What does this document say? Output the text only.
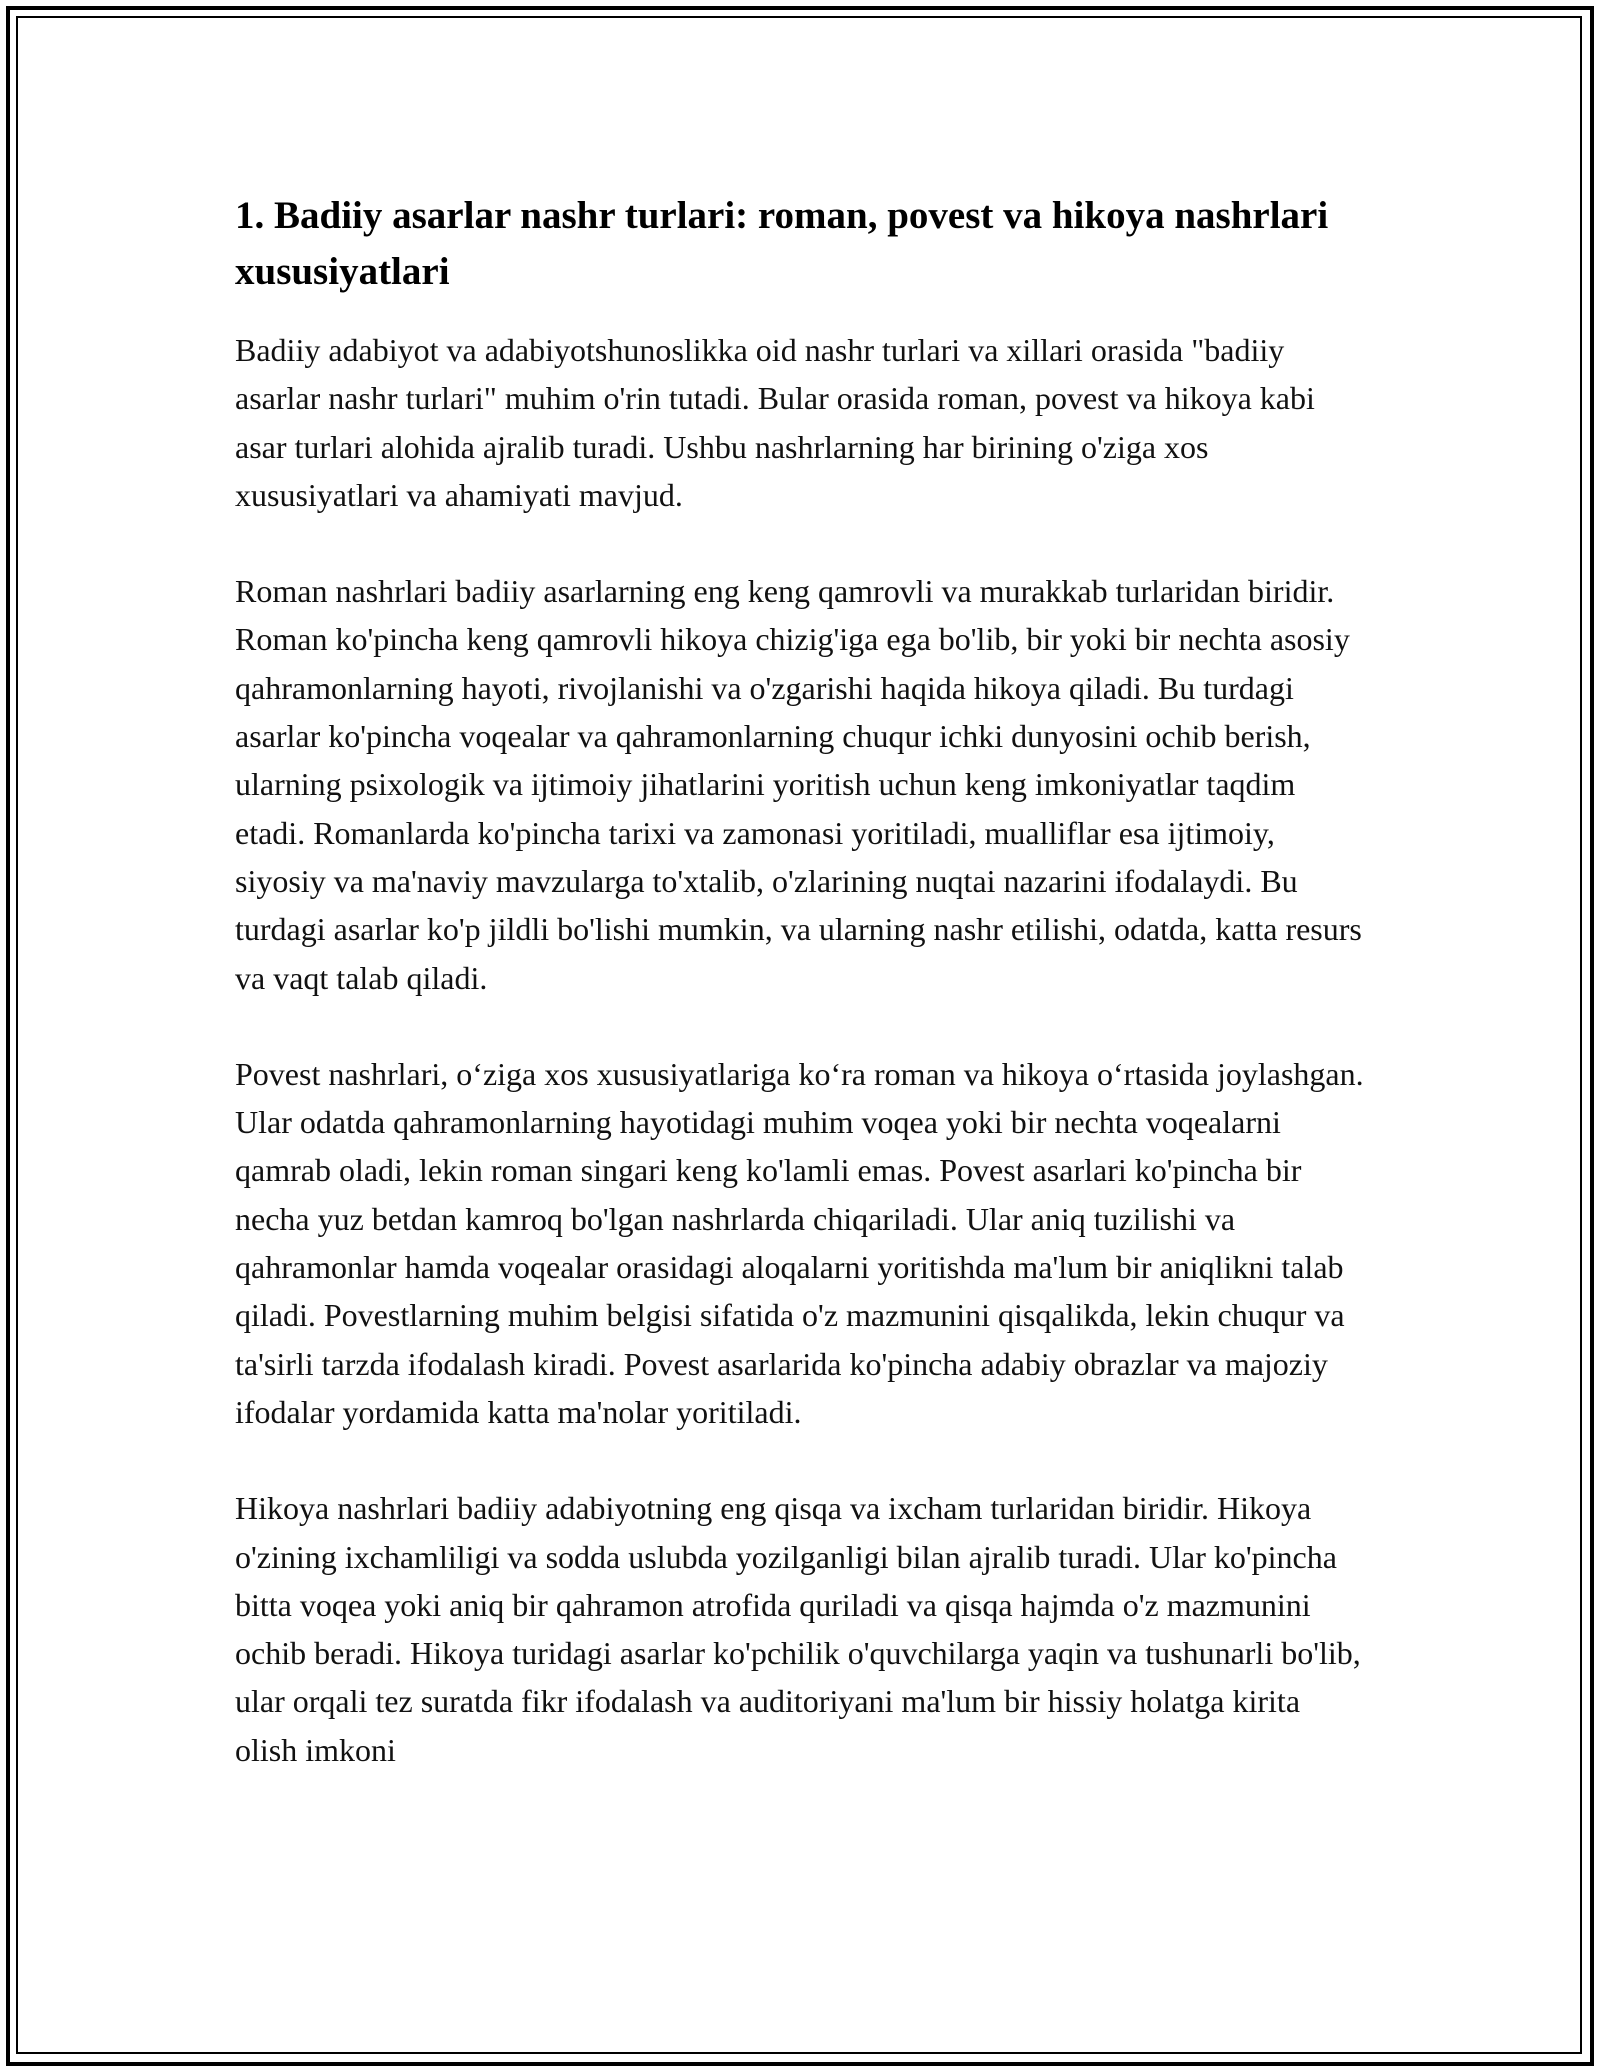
1. Badiiy asarlar nashr turlari: roman, povest va hikoya nashrlari xususiyatlari

Badiiy adabiyot va adabiyotshunoslikka oid nashr turlari va xillari orasida "badiiy asarlar nashr turlari" muhim o'rin tutadi. Bular orasida roman, povest va hikoya kabi asar turlari alohida ajralib turadi. Ushbu nashrlarning har birining o'ziga xos xususiyatlari va ahamiyati mavjud.

Roman nashrlari badiiy asarlarning eng keng qamrovli va murakkab turlaridan biridir. Roman ko'pincha keng qamrovli hikoya chizig'iga ega bo'lib, bir yoki bir nechta asosiy qahramonlarning hayoti, rivojlanishi va o'zgarishi haqida hikoya qiladi. Bu turdagi asarlar ko'pincha voqealar va qahramonlarning chuqur ichki dunyosini ochib berish, ularning psixologik va ijtimoiy jihatlarini yoritish uchun keng imkoniyatlar taqdim etadi. Romanlarda ko'pincha tarixi va zamonasi yoritiladi, mualliflar esa ijtimoiy, siyosiy va ma'naviy mavzularga to'xtalib, o'zlarining nuqtai nazarini ifodalaydi. Bu turdagi asarlar ko'p jildli bo'lishi mumkin, va ularning nashr etilishi, odatda, katta resurs va vaqt talab qiladi.

Povest nashrlari, o‘ziga xos xususiyatlariga ko‘ra roman va hikoya o‘rtasida joylashgan. Ular odatda qahramonlarning hayotidagi muhim voqea yoki bir nechta voqealarni qamrab oladi, lekin roman singari keng ko'lamli emas. Povest asarlari ko'pincha bir necha yuz betdan kamroq bo'lgan nashrlarda chiqariladi. Ular aniq tuzilishi va qahramonlar hamda voqealar orasidagi aloqalarni yoritishda ma'lum bir aniqlikni talab qiladi. Povestlarning muhim belgisi sifatida o'z mazmunini qisqalikda, lekin chuqur va ta'sirli tarzda ifodalash kiradi. Povest asarlarida ko'pincha adabiy obrazlar va majoziy ifodalar yordamida katta ma'nolar yoritiladi.

Hikoya nashrlari badiiy adabiyotning eng qisqa va ixcham turlaridan biridir. Hikoya o'zining ixchamliligi va sodda uslubda yozilganligi bilan ajralib turadi. Ular ko'pincha bitta voqea yoki aniq bir qahramon atrofida quriladi va qisqa hajmda o'z mazmunini ochib beradi. Hikoya turidagi asarlar ko'pchilik o'quvchilarga yaqin va tushunarli bo'lib, ular orqali tez suratda fikr ifodalash va auditoriyani ma'lum bir hissiy holatga kirita olish imkoni
